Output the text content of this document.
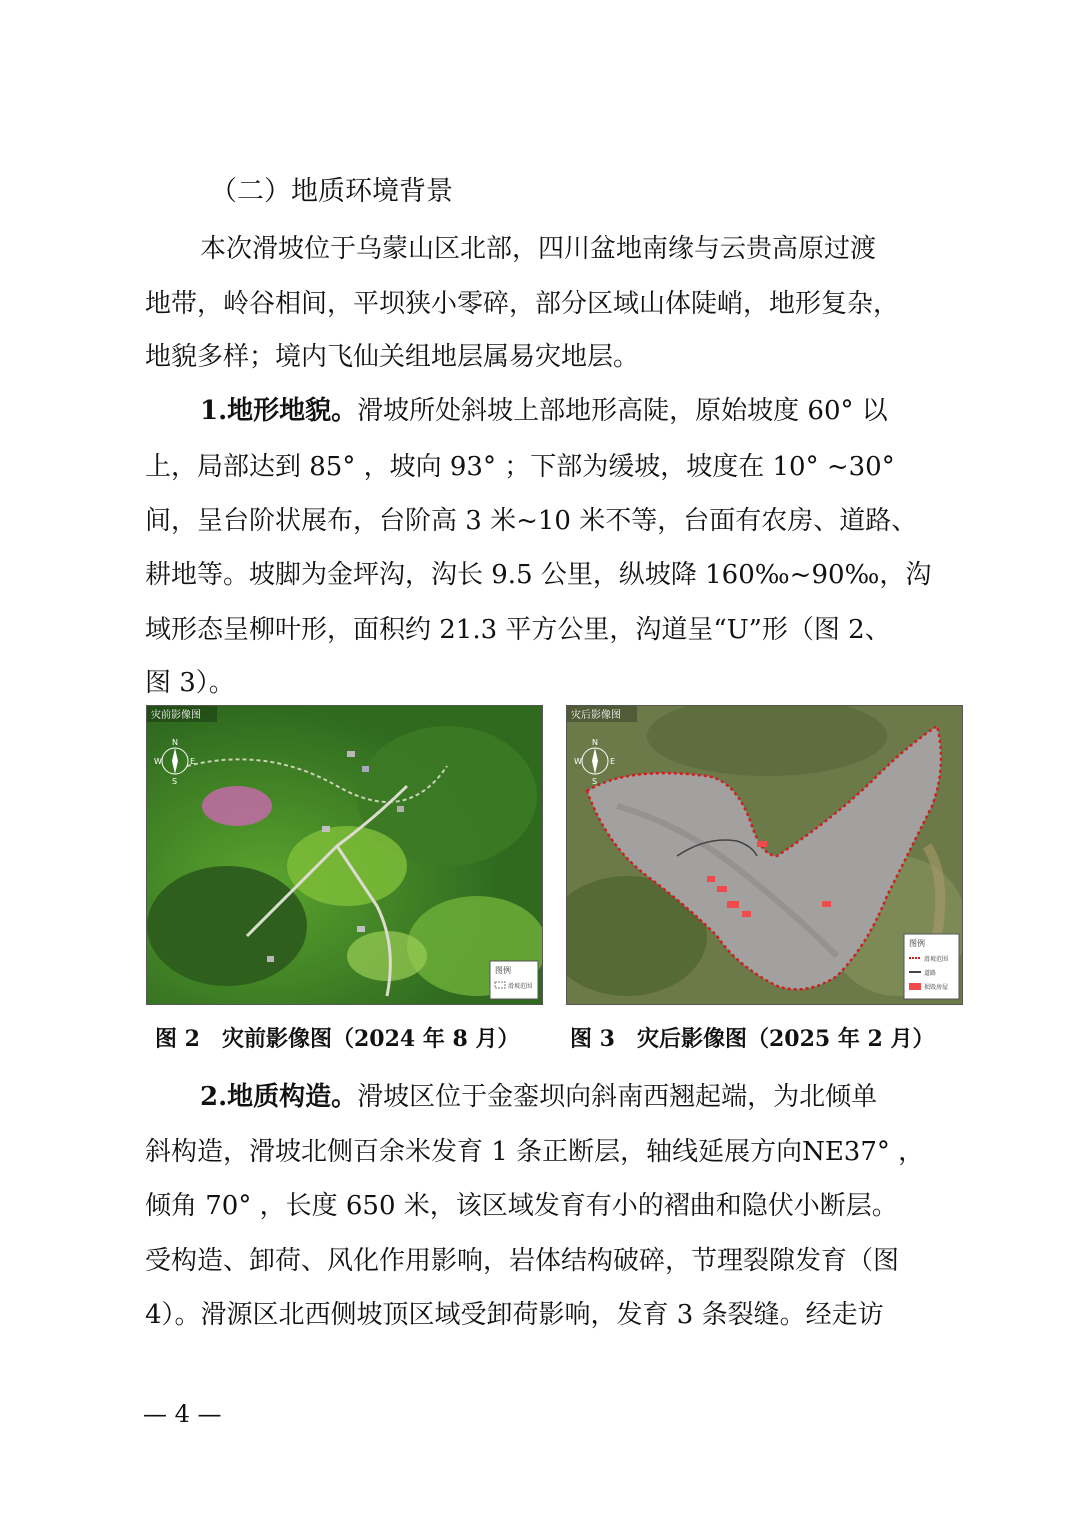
（二）地质环境背景
本次滑坡位于乌蒙山区北部，四川盆地南缘与云贵高原过渡
地带，岭谷相间，平坝狭小零碎，部分区域山体陡峭，地形复杂，
地貌多样；境内飞仙关组地层属易灾地层。
1.地形地貌。滑坡所处斜坡上部地形高陡，原始坡度 60° 以
上，局部达到 85° ，坡向 93° ；下部为缓坡，坡度在 10° ~30°
间，呈台阶状展布，台阶高 3 米~10 米不等，台面有农房、道路、
耕地等。坡脚为金坪沟，沟长 9.5 公里，纵坡降 160‰~90‰，沟
域形态呈柳叶形，面积约 21.3 平方公里，沟道呈“U”形（图 2、
图 3）。
灾前影像图
N
S
E
W
图例
滑坡范围
灾后影像图
N
S
E
W
图例
滑坡范围
道路
损毁房屋
图 2　灾前影像图（2024 年 8 月） 图 3　灾后影像图（2025 年 2 月）
2.地质构造。滑坡区位于金銮坝向斜南西翘起端，为北倾单
斜构造，滑坡北侧百余米发育 1 条正断层，轴线延展方向NE37° ，
倾角 70° ，长度 650 米，该区域发育有小的褶曲和隐伏小断层。
受构造、卸荷、风化作用影响，岩体结构破碎，节理裂隙发育（图
4）。滑源区北西侧坡顶区域受卸荷影响，发育 3 条裂缝。经走访
— 4 —
